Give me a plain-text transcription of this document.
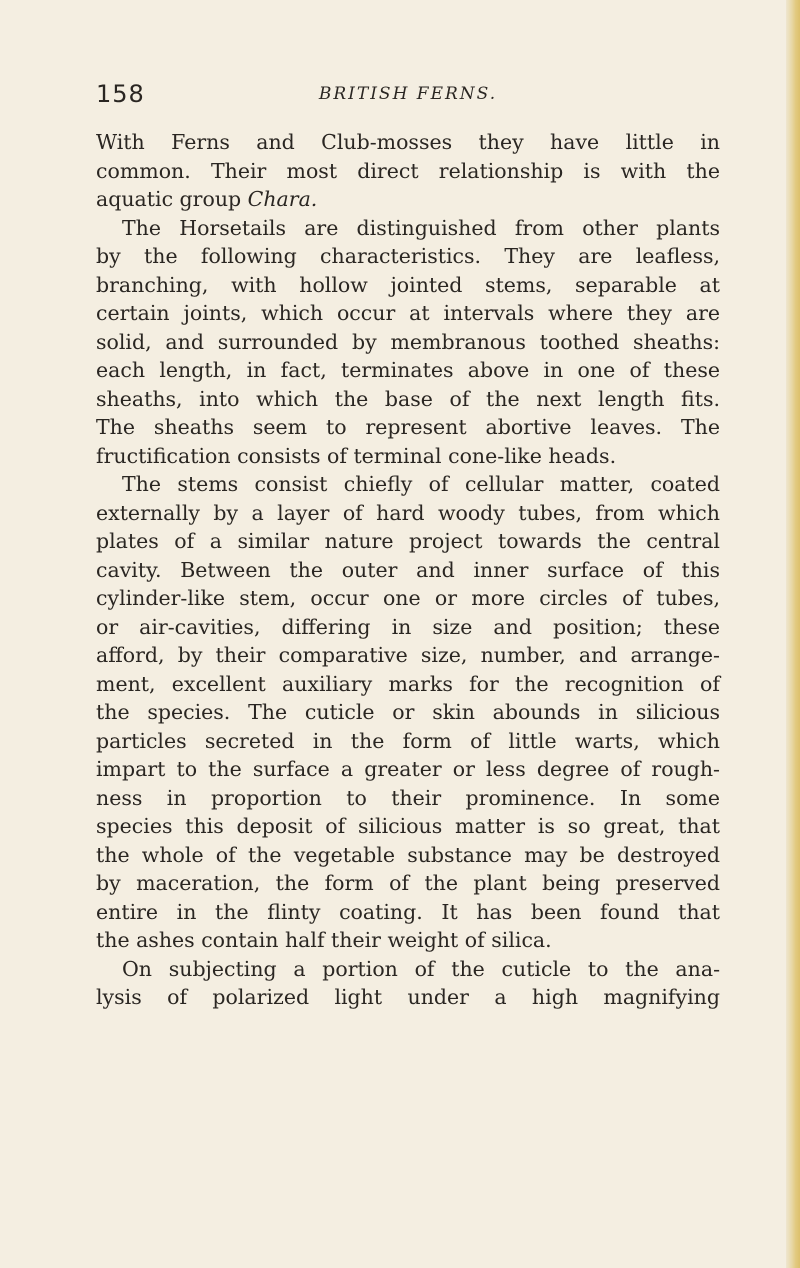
158	BRITISH FERNS.
With Ferns and Club-mosses they have little in
common. Their most direct relationship is with the
aquatic group Chara.
The Horsetails are distinguished from other plants
by the following characteristics. They are leafless,
branching, with hollow jointed stems, separable at
certain joints, which occur at intervals where they are
solid, and surrounded by membranous toothed sheaths:
each length, in fact, terminates above in one of these
sheaths, into which the base of the next length fits.
The sheaths seem to represent abortive leaves. The
fructification consists of terminal cone-like heads.
The stems consist chiefly of cellular matter, coated
externally by a layer of hard woody tubes, from which
plates of a similar nature project towards the central
cavity. Between the outer and inner surface of this
cylinder-like stem, occur one or more circles of tubes,
or air-cavities, differing in size and position; these
afford, by their comparative size, number, and arrange-
ment, excellent auxiliary marks for the recognition of
the species. The cuticle or skin abounds in silicious
particles secreted in the form of little warts, which
impart to the surface a greater or less degree of rough-
ness in proportion to their prominence. In some
species this deposit of silicious matter is so great, that
the whole of the vegetable substance may be destroyed
by maceration, the form of the plant being preserved
entire in the flinty coating. It has been found that
the ashes contain half their weight of silica.
On subjecting a portion of the cuticle to the ana-
lysis of polarized light under a high magnifying
